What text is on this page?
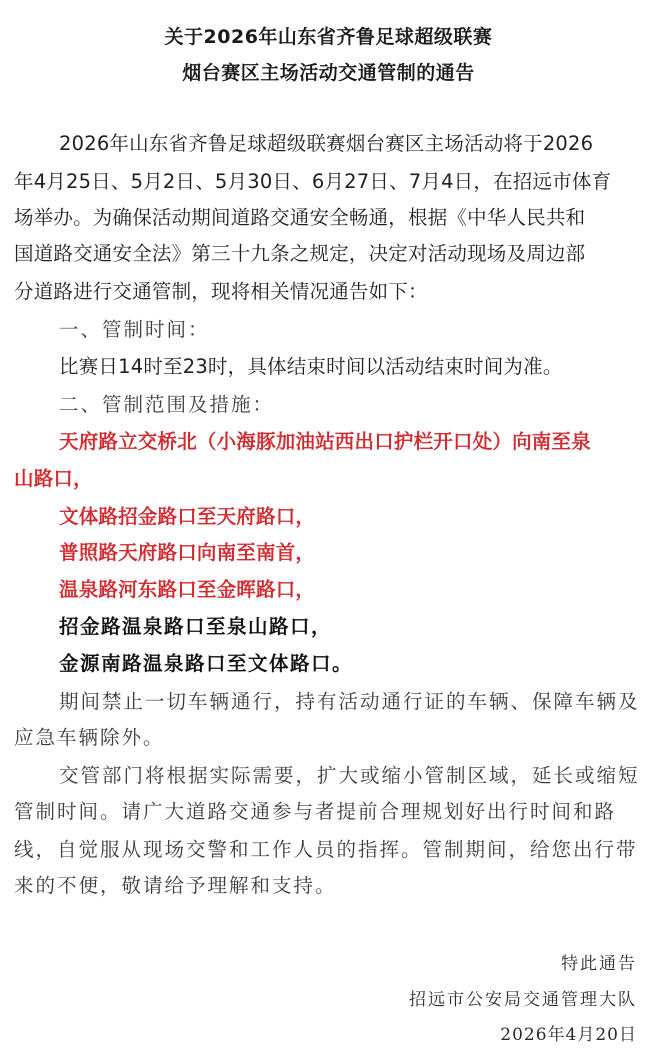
关于2026年山东省齐鲁足球超级联赛
烟台赛区主场活动交通管制的通告
2026年山东省齐鲁足球超级联赛烟台赛区主场活动将于2026
年4月25日、5月2日、5月30日、6月27日、7月4日，在招远市体育
场举办。为确保活动期间道路交通安全畅通，根据《中华人民共和
国道路交通安全法》第三十九条之规定，决定对活动现场及周边部
分道路进行交通管制，现将相关情况通告如下：
一、管制时间：
比赛日14时至23时，具体结束时间以活动结束时间为准。
二、管制范围及措施：
天府路立交桥北（小海豚加油站西出口护栏开口处）向南至泉
山路口，
文体路招金路口至天府路口，
普照路天府路口向南至南首，
温泉路河东路口至金晖路口，
招金路温泉路口至泉山路口，
金源南路温泉路口至文体路口。
期间禁止一切车辆通行，持有活动通行证的车辆、保障车辆及
应急车辆除外。
交管部门将根据实际需要，扩大或缩小管制区域，延长或缩短
管制时间。请广大道路交通参与者提前合理规划好出行时间和路
线，自觉服从现场交警和工作人员的指挥。管制期间，给您出行带
来的不便，敬请给予理解和支持。
特此通告
招远市公安局交通管理大队
2026年4月20日
